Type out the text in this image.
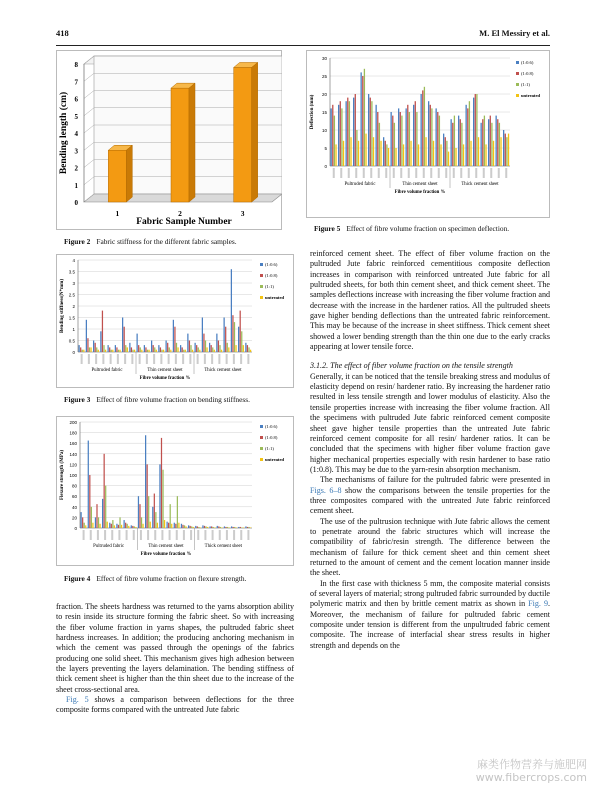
418	M. El Messiry et al.
0
1
2
3
4
5
6
7
8
1	2	3
Fabric Sample Number
Bending length (cm)
Figure 2 Fabric stiffness for the different fabric samples.
0
0.5
1
1.5
2
2.5
3
3.5
4
Pultruded fabric	Thin cement sheet	Thick cement sheet
Fibre volume fraction %
Bending stiffness(N*mm)
(1:0.6)
(1:0.8)
(1:1)
untreated
Figure 3 Effect of fibre volume fraction on bending stiffness.
0
20
40
60
80
100
120
140
160
180
200
Pultruded fabric	Thin cement sheet	Thick cement sheet
Fibre volume fraction %
Flexure strength (MPa)
(1:0.6)
(1:0.8)
(1:1)
untreated
Figure 4 Effect of fibre volume fraction on flexure strength.
0
5
10
15
20
25
30
Pultruded fabric	Thin cement sheet	Thick cement sheet
Fibre volume fraction %
Deflection (mm)
(1:0.6)
(1:0.8)
(1:1)
untreated
Figure 5 Effect of fibre volume fraction on specimen deflection.

fraction. The sheets hardness was returned to the yarns absorption ability to resin inside its structure forming the fabric sheet. So with increasing the fiber volume fraction in yarns shapes, the pultruded fabric sheet hardness increases. In addition; the producing anchoring mechanism in which the cement was passed through the openings of the fabrics producing one solid sheet. This mechanism gives high adhesion between the layers preventing the layers delamination. The bending stiffness of thick cement sheet is higher than the thin sheet due to the increase of the sheet cross-sectional area.

Fig. 5 shows a comparison between deflections for the three composite forms compared with the untreated Jute fabric

reinforced cement sheet. The effect of fiber volume fraction on the pultruded Jute fabric reinforced cementitious composite deflection increases in comparison with reinforced untreated Jute fabric for all pultruded sheets, for both thin cement sheet, and thick cement sheet. The samples deflections increase with increasing the fiber volume fraction and decrease with the increase in the hardener ratios. All the pultruded sheets gave higher bending deflections than the untreated fabric reinforcement. This may be because of the increase in sheet stiffness. Thick cement sheet showed a lower bending strength than the thin one due to the early cracks appearing at lower tensile force.

3.1.2. The effect of fiber volume fraction on the tensile strength

Generally, it can be noticed that the tensile breaking stress and modulus of elasticity depend on resin/ hardener ratio. By increasing the hardener ratio resulted in less tensile strength and lower modulus of elasticity. Also the tensile properties increase with increasing the fiber volume fraction. All the specimens with pultruded Jute fabric reinforced cement composite sheet gave higher tensile properties than the untreated Jute fabric reinforced cement composite for all resin/ hardener ratios. It can be concluded that the specimens with higher fiber volume fraction gave higher mechanical properties especially with resin hardener to base ratio (1:0.8). This may be due to the yarn-resin absorption mechanism.

The mechanisms of failure for the pultruded fabric were presented in Figs. 6–8 show the comparisons between the tensile properties for the three composites compared with the untreated Jute fabric reinforced cement sheet.

The use of the pultrusion technique with Jute fabric allows the cement to penetrate around the fabric structures which will increase the compatibility of fabric/resin strength. The difference between the mechanism of failure for thick cement sheet and thin cement sheet returned to the amount of cement and the cement location manner inside the sheet.

In the first case with thickness 5 mm, the composite material consists of several layers of material; strong pultruded fabric surrounded by ductile polymeric matrix and then by brittle cement matrix as shown in Fig. 9. Moreover, the mechanism of failure for pultruded fabric cement composite under tension is different from the unpultruded fabric cement composite. The increase of interfacial shear stress results in higher strength and depends on the

麻类作物营养与施肥网
www.fibercrops.com
